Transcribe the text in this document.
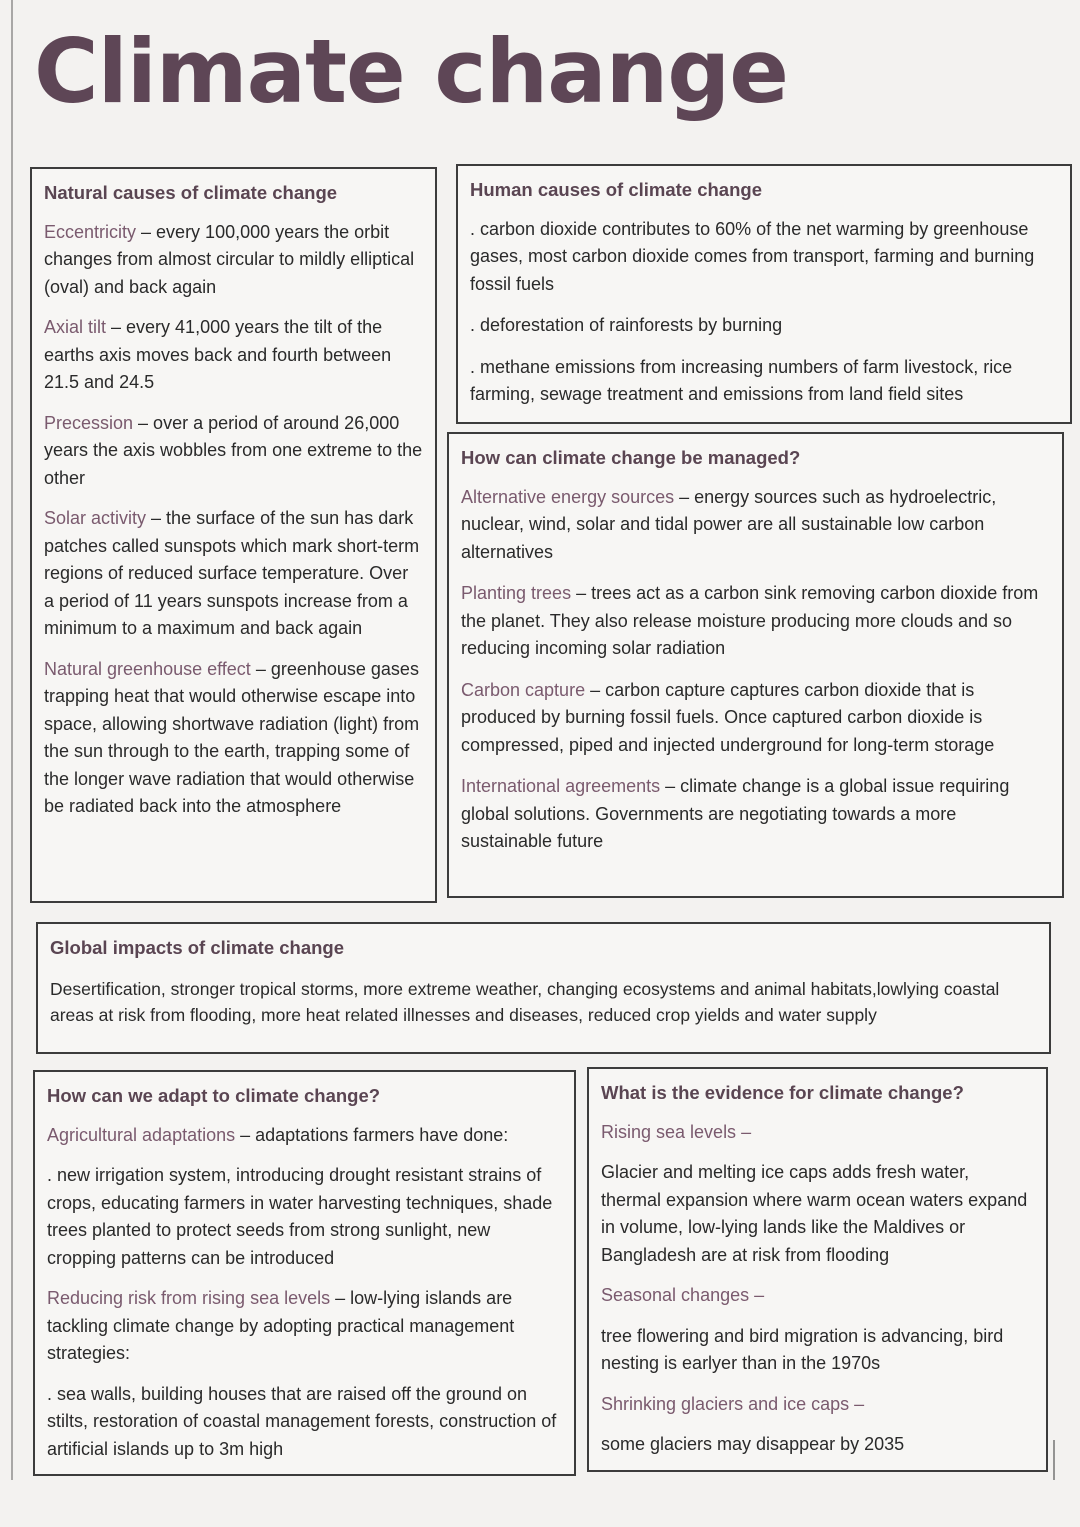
Climate change
Natural causes of climate change

Eccentricity – every 100,000 years the orbit changes from almost circular to mildly elliptical (oval) and back again

Axial tilt – every 41,000 years the tilt of the earths axis moves back and fourth between 21.5 and 24.5

Precession – over a period of around 26,000 years the axis wobbles from one extreme to the other

Solar activity – the surface of the sun has dark patches called sunspots which mark short-term regions of reduced surface temperature. Over a period of 11 years sunspots increase from a minimum to a maximum and back again

Natural greenhouse effect – greenhouse gases trapping heat that would otherwise escape into space, allowing shortwave radiation (light) from the sun through to the earth, trapping some of the longer wave radiation that would otherwise be radiated back into the atmosphere

Human causes of climate change

. carbon dioxide contributes to 60% of the net warming by greenhouse gases, most carbon dioxide comes from transport, farming and burning fossil fuels

. deforestation of rainforests by burning

. methane emissions from increasing numbers of farm livestock, rice farming, sewage treatment and emissions from land field sites

How can climate change be managed?

Alternative energy sources – energy sources such as hydroelectric, nuclear, wind, solar and tidal power are all sustainable low carbon alternatives

Planting trees – trees act as a carbon sink removing carbon dioxide from the planet. They also release moisture producing more clouds and so reducing incoming solar radiation

Carbon capture – carbon capture captures carbon dioxide that is produced by burning fossil fuels. Once captured carbon dioxide is compressed, piped and injected underground for long-term storage

International agreements – climate change is a global issue requiring global solutions. Governments are negotiating towards a more sustainable future

Global impacts of climate change

Desertification, stronger tropical storms, more extreme weather, changing ecosystems and animal habitats,lowlying coastal areas at risk from flooding, more heat related illnesses and diseases, reduced crop yields and water supply

How can we adapt to climate change?

Agricultural adaptations – adaptations farmers have done:

. new irrigation system, introducing drought resistant strains of crops, educating farmers in water harvesting techniques, shade trees planted to protect seeds from strong sunlight, new cropping patterns can be introduced

Reducing risk from rising sea levels – low-lying islands are tackling climate change by adopting practical management strategies:

. sea walls, building houses that are raised off the ground on stilts, restoration of coastal management forests, construction of artificial islands up to 3m high

What is the evidence for climate change?

Rising sea levels –

Glacier and melting ice caps adds fresh water, thermal expansion where warm ocean waters expand in volume, low-lying lands like the Maldives or Bangladesh are at risk from flooding

Seasonal changes –

tree flowering and bird migration is advancing, bird nesting is earlyer than in the 1970s

Shrinking glaciers and ice caps –

some glaciers may disappear by 2035
